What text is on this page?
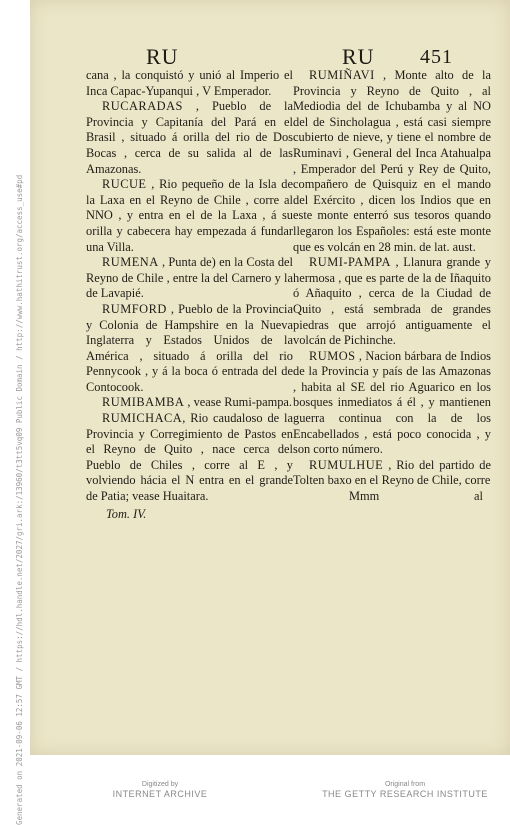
Generated on 2021-09-06 12:57 GMT / https://hdl.handle.net/2027/gri.ark:/13960/t3tt5vq09 Public Domain / http://www.hathitrust.org/access_use#pd
RU	RU 451

cana , la conquistó y unió al Imperio el Inca Capac-Yupanqui , V Emperador.

RUCARADAS , Pueblo de la Provincia y Capitanía del Pará en el Brasil , situado á orilla del rio de Dos Bocas , cerca de su salida al de las Amazonas.

RUCUE , Rio pequeño de la Isla de la Laxa en el Reyno de Chile , corre al NNO , y entra en el de la Laxa , á su orilla y cabecera hay empezada á fundar una Villa.

RUMENA , Punta de) en la Costa del Reyno de Chile , entre la del Carnero y la de Lavapié.

RUMFORD , Pueblo de la Provincia y Colonia de Hampshire en la Nueva Inglaterra y Estados Unidos de la América , situado á orilla del rio Pennycook , y á la boca ó entrada del de Contocook.

RUMIBAMBA , vease Rumi-pampa.

RUMICHACA, Rio caudaloso de la Provincia y Corregimiento de Pastos en el Reyno de Quito , nace cerca del Pueblo de Chiles , corre al E , y volviendo hácia el N entra en el grande de Patia; vease Huaitara.

Tom. IV.

RUMIÑAVI , Monte alto de la Provincia y Reyno de Quito , al Mediodia del de Ichubamba y al NO del de Sincholagua , está casi siempre cubierto de nieve, y tiene el nombre de Ruminavi , General del Inca Atahualpa , Emperador del Perú y Rey de Quito, compañero de Quisquiz en el mando del Exército , dicen los Indios que en este monte enterró sus tesoros quando llegaron los Españoles: está este monte que es volcán en 28 min. de lat. aust.

RUMI-PAMPA , Llanura grande y hermosa , que es parte de la de Iñaquito ó Añaquito , cerca de la Ciudad de Quito , está sembrada de grandes piedras que arrojó antiguamente el volcán de Pichinche.

RUMOS , Nacion bárbara de Indios de la Provincia y país de las Amazonas , habita al SE del rio Aguarico en los bosques inmediatos á él , y mantienen guerra continua con la de los Encabellados , está poco conocida , y son corto número.

RUMULHUE , Rio del partido de Tolten baxo en el Reyno de Chile, corre

Mmm	al
Digitized by
INTERNET ARCHIVE
Original from
THE GETTY RESEARCH INSTITUTE
